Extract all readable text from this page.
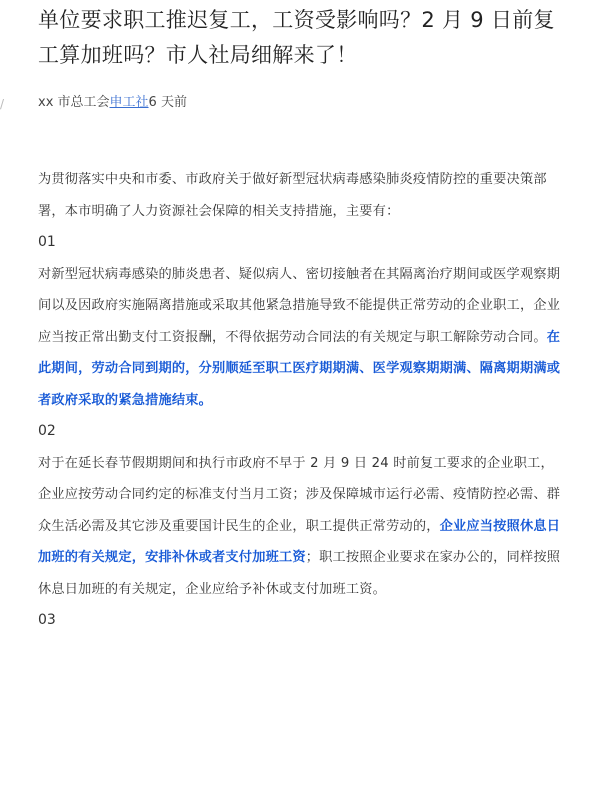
/
单位要求职工推迟复工，工资受影响吗？2 月 9 日前复工算加班吗？市人社局细解来了！
xx 市总工会申工社6 天前

为贯彻落实中央和市委、市政府关于做好新型冠状病毒感染肺炎疫情防控的重要决策部署，本市明确了人力资源社会保障的相关支持措施，主要有：

01

对新型冠状病毒感染的肺炎患者、疑似病人、密切接触者在其隔离治疗期间或医学观察期间以及因政府实施隔离措施或采取其他紧急措施导致不能提供正常劳动的企业职工，企业应当按正常出勤支付工资报酬，不得依据劳动合同法的有关规定与职工解除劳动合同。在此期间，劳动合同到期的，分别顺延至职工医疗期期满、医学观察期期满、隔离期期满或者政府采取的紧急措施结束。

02

对于在延长春节假期期间和执行市政府不早于 2 月 9 日 24 时前复工要求的企业职工，企业应按劳动合同约定的标准支付当月工资；涉及保障城市运行必需、疫情防控必需、群众生活必需及其它涉及重要国计民生的企业，职工提供正常劳动的，企业应当按照休息日加班的有关规定，安排补休或者支付加班工资；职工按照企业要求在家办公的，同样按照休息日加班的有关规定，企业应给予补休或支付加班工资。

03
